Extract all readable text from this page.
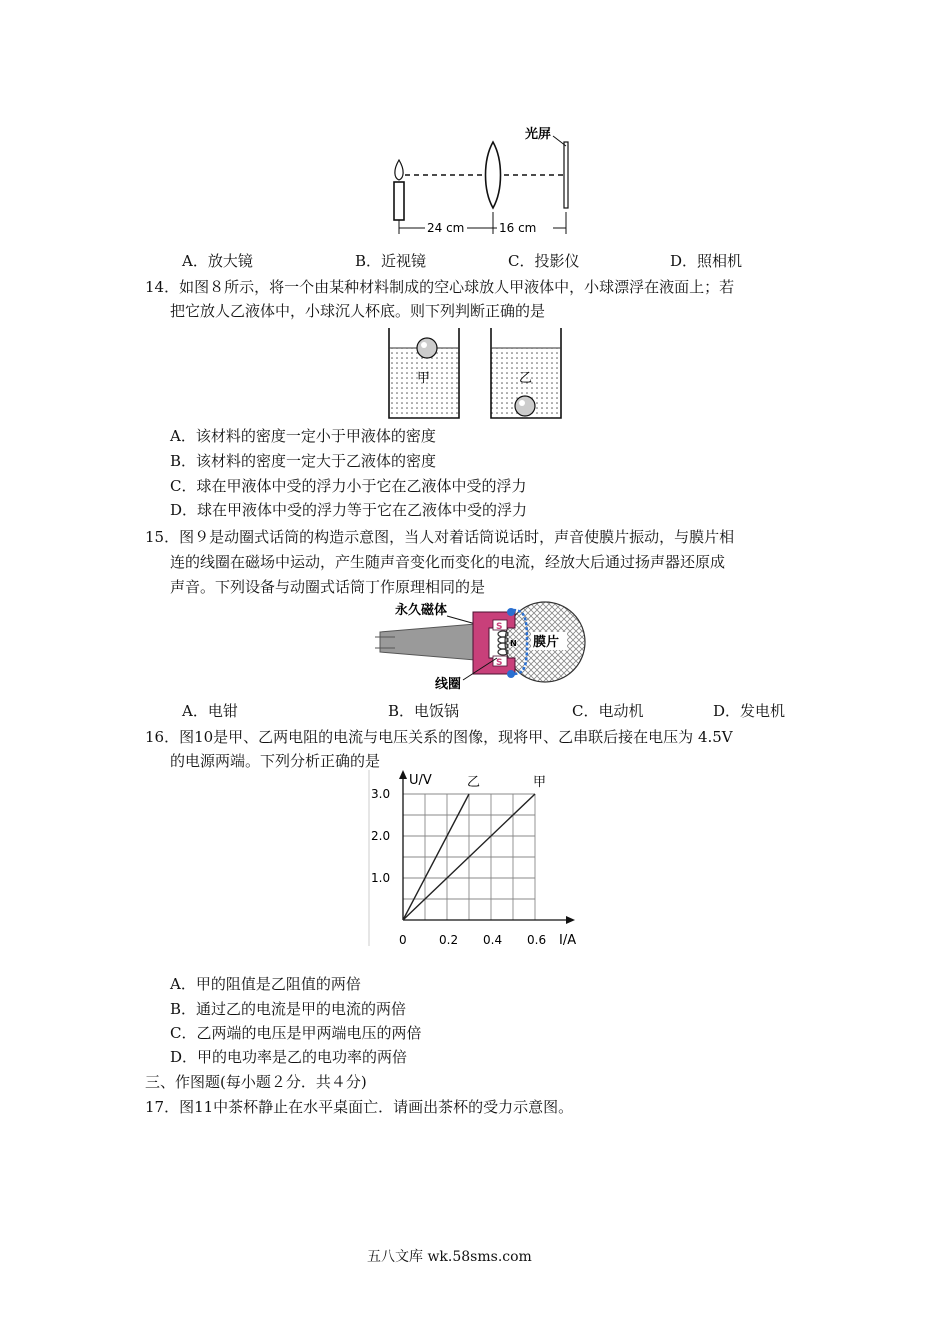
光屏
24 cm	16 cm
A．放大镜	B．近视镜	C．投影仪	D．照相机
14．如图８所示，将一个由某种材料制成的空心球放人甲液体中，小球漂浮在液面上；若
把它放人乙液体中，小球沉人杯底。则下列判断正确的是
甲	乙
A．该材料的密度一定小于甲液体的密度
B．该材料的密度一定大于乙液体的密度
C．球在甲液体中受的浮力小于它在乙液体中受的浮力
D．球在甲液体中受的浮力等于它在乙液体中受的浮力
15．图９是动圈式话筒的构造示意图，当人对着话筒说话时，声音使膜片振动，与膜片相
连的线圈在磁场中运动，产生随声音变化而变化的电流，经放大后通过扬声器还原成
声音。下列设备与动圈式话筒丁作原理相同的是
永久磁体
S
S
N 膜片
线圈
A．电钳	B．电饭锅	C．电动机	D．发电机
16．图10是甲、乙两电阻的电流与电压关系的图像，现将甲、乙串联后接在电压为 4.5V
的电源两端。下列分析正确的是
乙	甲
0	0.2 0.4 0.6
1.0
2.0
3.0
U/V
I/A
A．甲的阻值是乙阻值的两倍
B．通过乙的电流是甲的电流的两倍
C．乙两端的电压是甲两端电压的两倍
D．甲的电功率是乙的电功率的两倍
三、作图题(每小题２分．共４分)
17．图11中茶杯静止在水平桌面亡．请画出茶杯的受力示意图。
五八文库 wk.58sms.com
